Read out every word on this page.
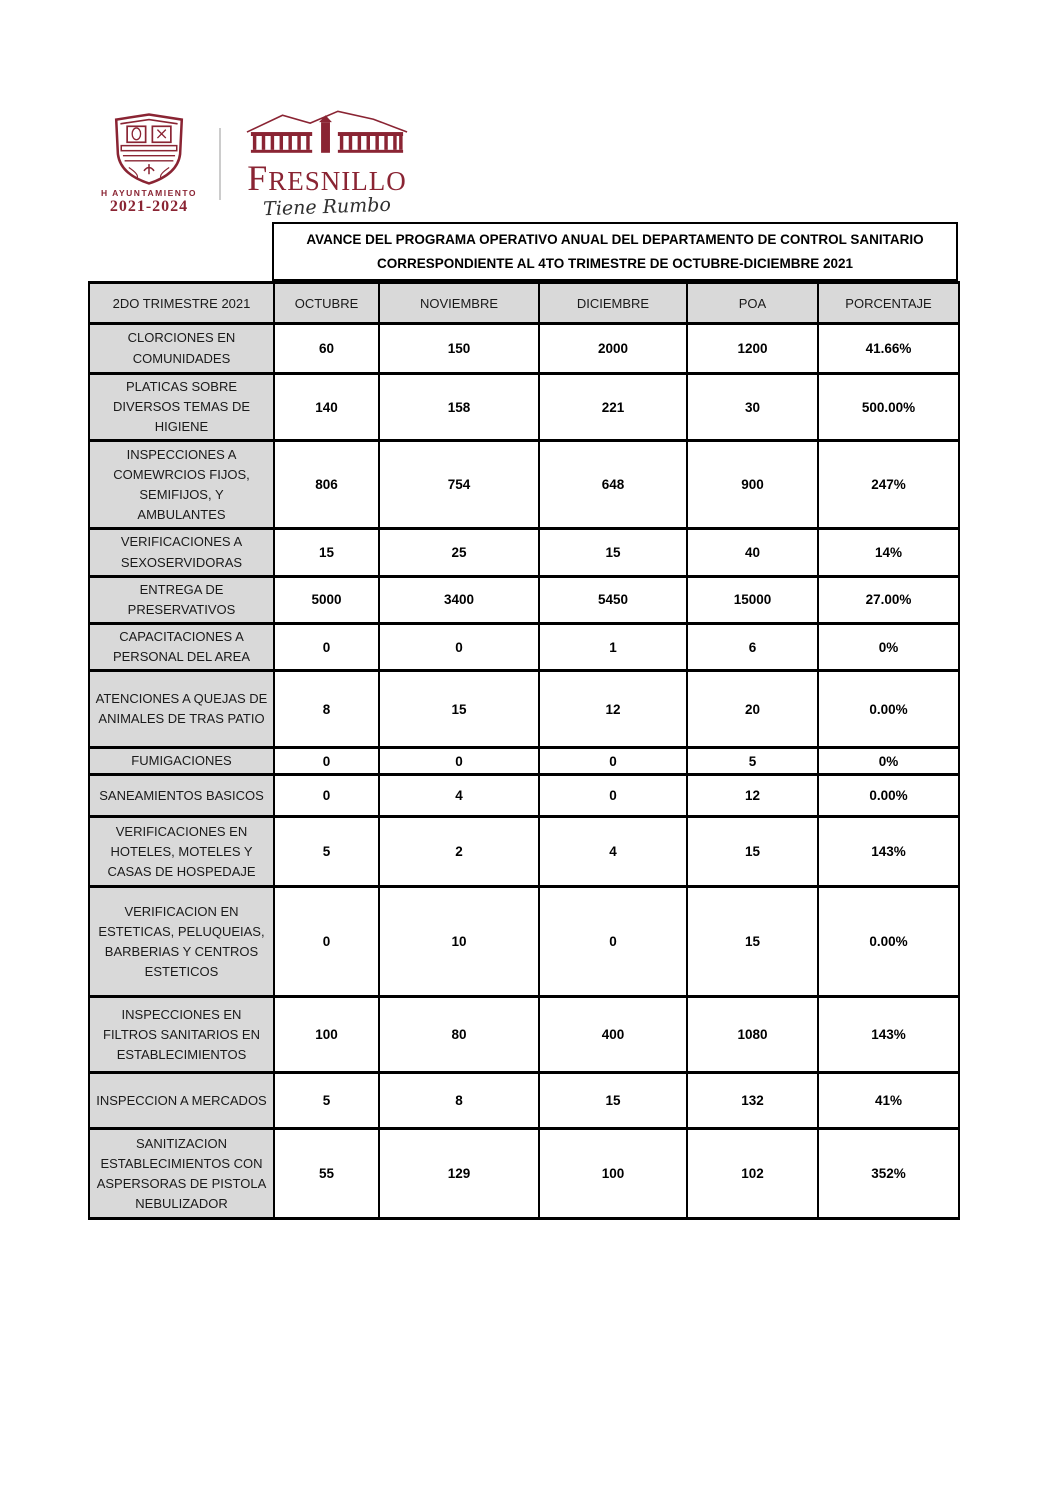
H AYUNTAMIENTO
2021-2024
FRESNILLO
Tiene Rumbo
AVANCE DEL PROGRAMA OPERATIVO ANUAL DEL DEPARTAMENTO DE CONTROL SANITARIO
CORRESPONDIENTE AL 4TO TRIMESTRE DE OCTUBRE-DICIEMBRE 2021
2DO TRIMESTRE 2021	OCTUBRE	NOVIEMBRE	DICIEMBRE	POA	PORCENTAJE
CLORCIONES EN COMUNIDADES	60	150	2000	1200	41.66%
PLATICAS SOBRE DIVERSOS TEMAS DE HIGIENE	140	158	221	30	500.00%
INSPECCIONES A COMEWRCIOS FIJOS, SEMIFIJOS, Y AMBULANTES	806	754	648	900	247%
VERIFICACIONES A SEXOSERVIDORAS	15	25	15	40	14%
ENTREGA DE PRESERVATIVOS	5000	3400	5450	15000	27.00%
CAPACITACIONES A PERSONAL DEL AREA	0	0	1	6	0%
ATENCIONES A QUEJAS DE ANIMALES DE TRAS PATIO	8	15	12	20	0.00%
FUMIGACIONES	0	0	0	5	0%
SANEAMIENTOS BASICOS	0	4	0	12	0.00%
VERIFICACIONES EN HOTELES, MOTELES Y CASAS DE HOSPEDAJE	5	2	4	15	143%
VERIFICACION EN ESTETICAS, PELUQUEIAS, BARBERIAS Y CENTROS ESTETICOS	0	10	0	15	0.00%
INSPECCIONES EN FILTROS SANITARIOS EN ESTABLECIMIENTOS	100	80	400	1080	143%
INSPECCION A MERCADOS	5	8	15	132	41%
SANITIZACION ESTABLECIMIENTOS CON ASPERSORAS DE PISTOLA NEBULIZADOR	55	129	100	102	352%
